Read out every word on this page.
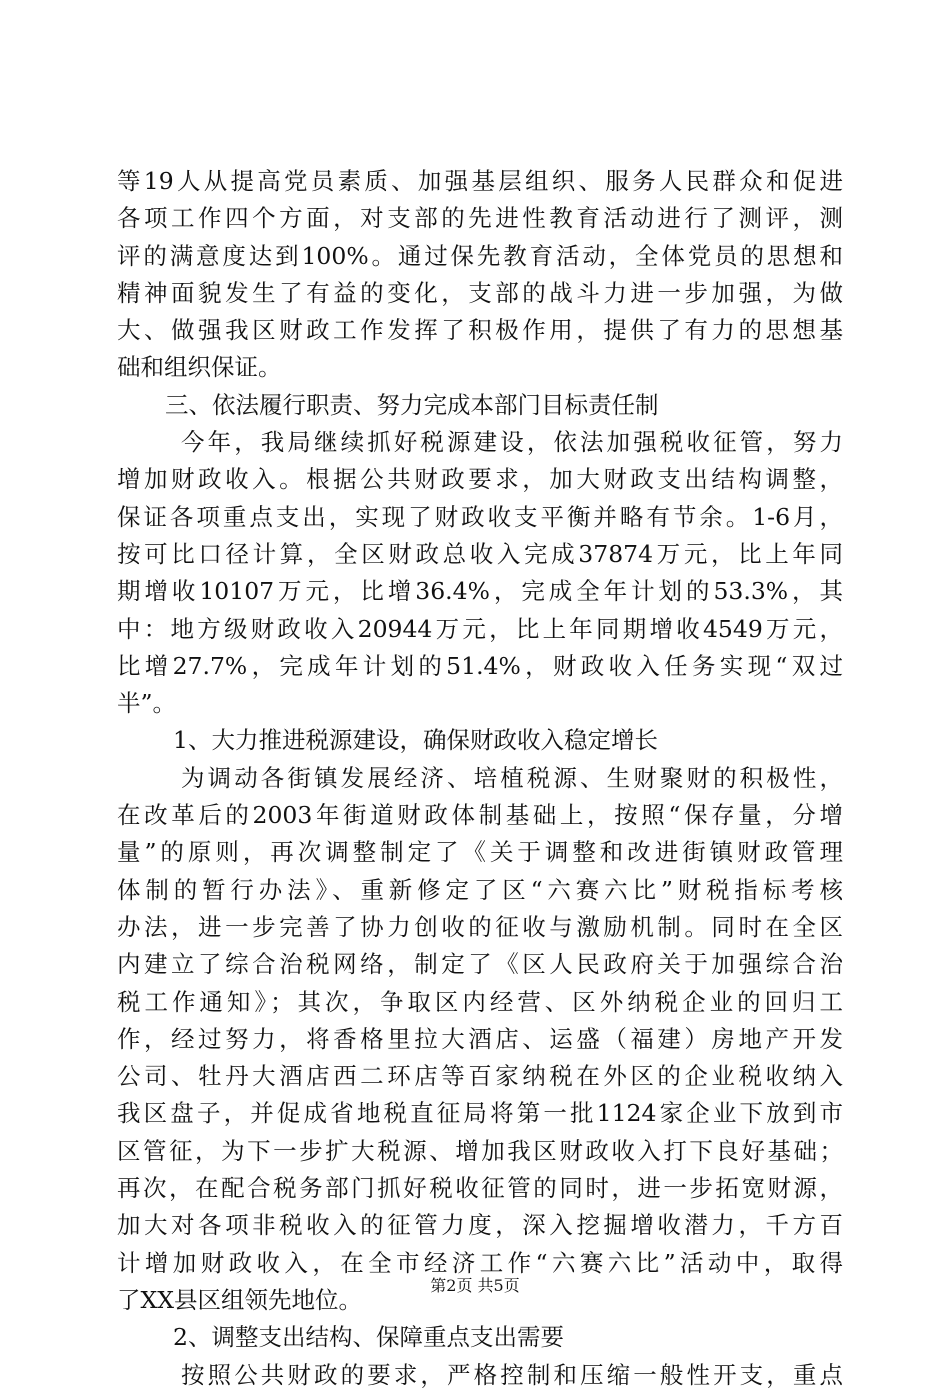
等19人从提高党员素质、加强基层组织、服务人民群众和促进
各项工作四个方面，对支部的先进性教育活动进行了测评，测
评的满意度达到100%。通过保先教育活动，全体党员的思想和
精神面貌发生了有益的变化，支部的战斗力进一步加强，为做
大、做强我区财政工作发挥了积极作用，提供了有力的思想基
础和组织保证。
三、依法履行职责、努力完成本部门目标责任制
今年，我局继续抓好税源建设，依法加强税收征管，努力
增加财政收入。根据公共财政要求，加大财政支出结构调整，
保证各项重点支出，实现了财政收支平衡并略有节余。1-6月，
按可比口径计算，全区财政总收入完成37874万元，比上年同
期增收10107万元，比增36.4%，完成全年计划的53.3%，其
中：地方级财政收入20944万元，比上年同期增收4549万元，
比增27.7%，完成年计划的51.4%，财政收入任务实现“双过
半”。
1、大力推进税源建设，确保财政收入稳定增长
为调动各街镇发展经济、培植税源、生财聚财的积极性，
在改革后的2003年街道财政体制基础上，按照“保存量，分增
量”的原则，再次调整制定了《关于调整和改进街镇财政管理
体制的暂行办法》、重新修定了区“六赛六比”财税指标考核
办法，进一步完善了协力创收的征收与激励机制。同时在全区
内建立了综合治税网络，制定了《区人民政府关于加强综合治
税工作通知》；其次，争取区内经营、区外纳税企业的回归工
作，经过努力，将香格里拉大酒店、运盛（福建）房地产开发
公司、牡丹大酒店西二环店等百家纳税在外区的企业税收纳入
我区盘子，并促成省地税直征局将第一批1124家企业下放到市
区管征，为下一步扩大税源、增加我区财政收入打下良好基础；
再次，在配合税务部门抓好税收征管的同时，进一步拓宽财源，
加大对各项非税收入的征管力度，深入挖掘增收潜力，千方百
计增加财政收入，在全市经济工作“六赛六比”活动中，取得
了XX县区组领先地位。
2、调整支出结构、保障重点支出需要
按照公共财政的要求，严格控制和压缩一般性开支，重点
第2页 共5页
